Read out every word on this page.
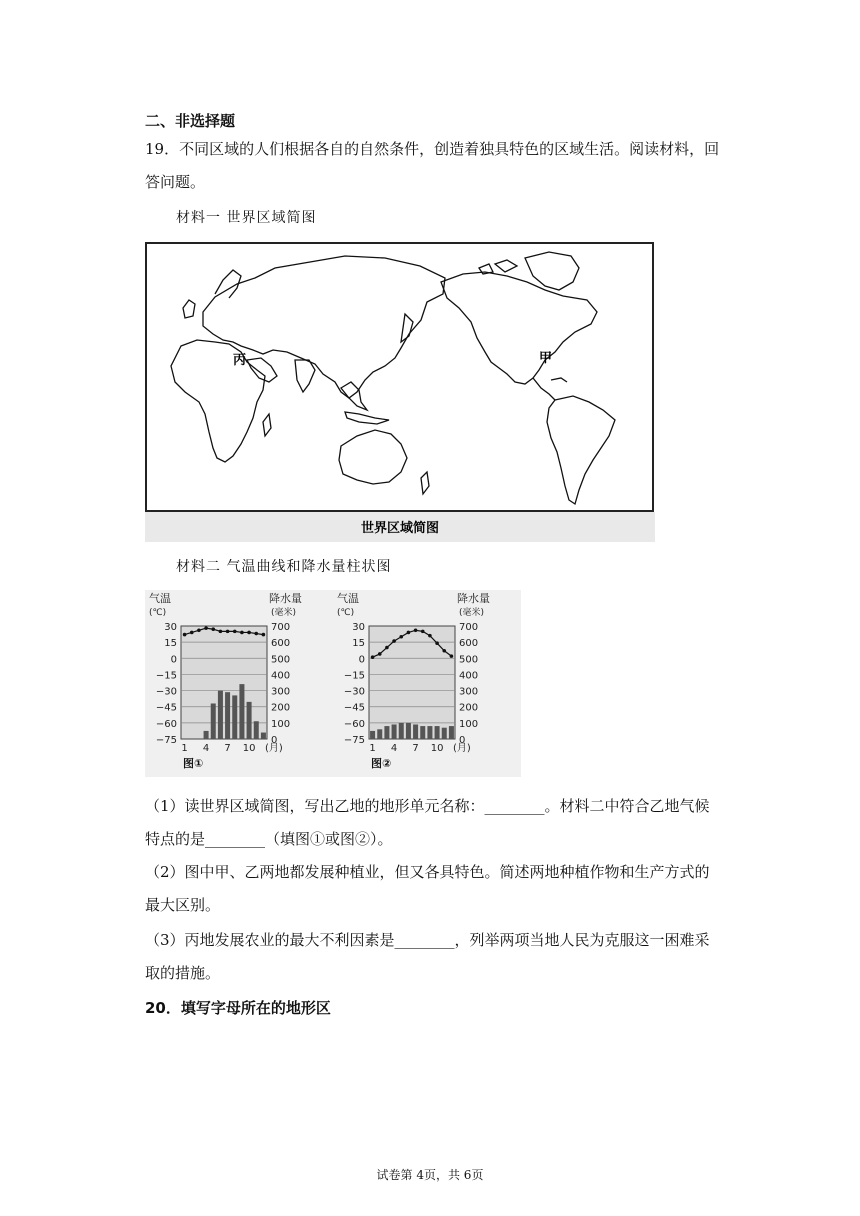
二、非选择题
19．不同区域的人们根据各自的自然条件，创造着独具特色的区域生活。阅读材料，回
答问题。
材料一 世界区域简图
甲
丙
世界区域简图
材料二 气温曲线和降水量柱状图
30	700
15	600
0	500
−15	400
−30	300
−45	200
−60	100
−75	0
气温
(℃)
降水量
(毫米)
1 4 7 10 (月)
图①
30	700
15	600
0	500
−15	400
−30	300
−45	200
−60	100
−75	0
气温
(℃)
降水量
(毫米)
1 4 7 10 (月)
图②
（1）读世界区域简图，写出乙地的地形单元名称：________。材料二中符合乙地气候
特点的是________（填图①或图②）。
（2）图中甲、乙两地都发展种植业，但又各具特色。简述两地种植作物和生产方式的
最大区别。
（3）丙地发展农业的最大不利因素是________，列举两项当地人民为克服这一困难采
取的措施。
20．填写字母所在的地形区
试卷第 4页，共 6页
